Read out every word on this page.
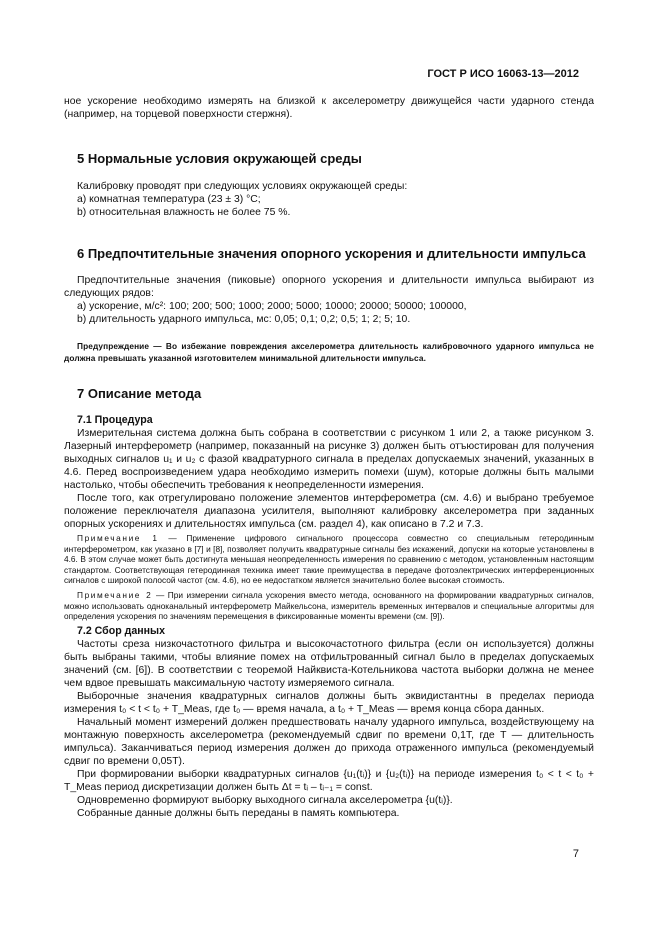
ГОСТ Р ИСО 16063-13—2012

ное ускорение необходимо измерять на близкой к акселерометру движущейся части ударного стенда (например, на торцевой поверхности стержня).

5 Нормальные условия окружающей среды

Калибровку проводят при следующих условиях окружающей среды:

а) комнатная температура (23 ± 3) °С;

b) относительная влажность не более 75 %.

6 Предпочтительные значения опорного ускорения и длительности импульса

Предпочтительные значения (пиковые) опорного ускорения и длительности импульса выбирают из следующих рядов:

а) ускорение, м/с²: 100; 200; 500; 1000; 2000; 5000; 10000; 20000; 50000; 100000,

b) длительность ударного импульса, мс: 0,05; 0,1; 0,2; 0,5; 1; 2; 5; 10.

Предупреждение — Во избежание повреждения акселерометра длительность калибровочного ударного импульса не должна превышать указанной изготовителем минимальной длительности импульса.

7 Описание метода
7.1 Процедура

Измерительная система должна быть собрана в соответствии с рисунком 1 или 2, а также рисунком 3. Лазерный интерферометр (например, показанный на рисунке 3) должен быть отъюстирован для получения выходных сигналов u₁ и u₂ с фазой квадратурного сигнала в пределах допускаемых значений, указанных в 4.6. Перед воспроизведением удара необходимо измерить помехи (шум), которые должны быть малыми настолько, чтобы обеспечить требования к неопределенности измерения.

После того, как отрегулировано положение элементов интерферометра (см. 4.6) и выбрано требуемое положение переключателя диапазона усилителя, выполняют калибровку акселерометра при заданных опорных ускорениях и длительностях импульса (см. раздел 4), как описано в 7.2 и 7.3.

Примечание 1 — Применение цифрового сигнального процессора совместно со специальным гетеродинным интерферометром, как указано в [7] и [8], позволяет получить квадратурные сигналы без искажений, допуски на которые установлены в 4.6. В этом случае может быть достигнута меньшая неопределенность измерения по сравнению с методом, установленным настоящим стандартом. Соответствующая гетеродинная техника имеет такие преимущества в передаче фотоэлектрических интерференционных сигналов с широкой полосой частот (см. 4.6), но ее недостатком является значительно более высокая стоимость.

Примечание 2 — При измерении сигнала ускорения вместо метода, основанного на формировании квадратурных сигналов, можно использовать одноканальный интерферометр Майкельсона, измеритель временных интервалов и специальные алгоритмы для определения ускорения по значениям перемещения в фиксированные моменты времени (см. [9]).

7.2 Сбор данных

Частоты среза низкочастотного фильтра и высокочастотного фильтра (если он используется) должны быть выбраны такими, чтобы влияние помех на отфильтрованный сигнал было в пределах допускаемых значений (см. [6]). В соответствии с теоремой Найквиста-Котельникова частота выборки должна не менее чем вдвое превышать максимальную частоту измеряемого сигнала.

Выборочные значения квадратурных сигналов должны быть эквидистантны в пределах периода измерения t₀ < t < t₀ + T_Meas, где t₀ — время начала, а t₀ + T_Meas — время конца сбора данных.

Начальный момент измерений должен предшествовать началу ударного импульса, воздействующему на монтажную поверхность акселерометра (рекомендуемый сдвиг по времени 0,1T, где T — длительность импульса). Заканчиваться период измерения должен до прихода отраженного импульса (рекомендуемый сдвиг по времени 0,05T).

При формировании выборки квадратурных сигналов {u₁(tᵢ)} и {u₂(tᵢ)} на периоде измерения t₀ < t < t₀ + T_Meas период дискретизации должен быть Δt = tᵢ – tᵢ₋₁ = const.

Одновременно формируют выборку выходного сигнала акселерометра {u(tᵢ)}.

Собранные данные должны быть переданы в память компьютера.

7
